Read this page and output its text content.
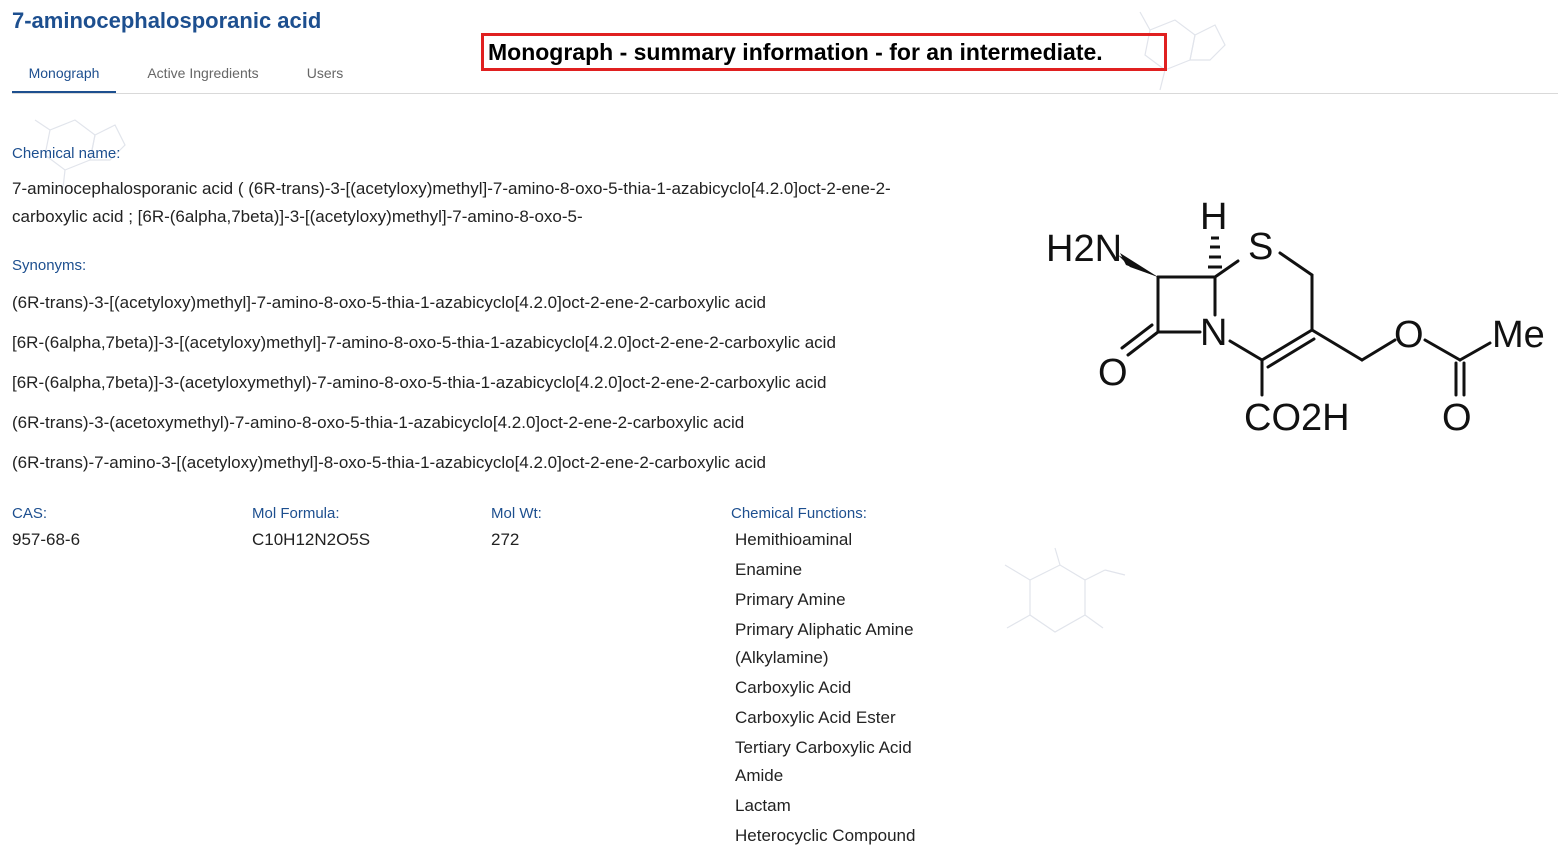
7-aminocephalosporanic acid
Monograph - summary information - for an intermediate.
Monograph	Active Ingredients	Users
Chemical name:
7-aminocephalosporanic acid ( (6R-trans)-3-[(acetyloxy)methyl]-7-amino-8-oxo-5-thia-1-azabicyclo[4.2.0]oct-2-ene-2-carboxylic acid ; [6R-(6alpha,7beta)]-3-[(acetyloxy)methyl]-7-amino-8-oxo-5-
Synonyms:
(6R-trans)-3-[(acetyloxy)methyl]-7-amino-8-oxo-5-thia-1-azabicyclo[4.2.0]oct-2-ene-2-carboxylic acid
[6R-(6alpha,7beta)]-3-[(acetyloxy)methyl]-7-amino-8-oxo-5-thia-1-azabicyclo[4.2.0]oct-2-ene-2-carboxylic acid
[6R-(6alpha,7beta)]-3-(acetyloxymethyl)-7-amino-8-oxo-5-thia-1-azabicyclo[4.2.0]oct-2-ene-2-carboxylic acid
(6R-trans)-3-(acetoxymethyl)-7-amino-8-oxo-5-thia-1-azabicyclo[4.2.0]oct-2-ene-2-carboxylic acid
(6R-trans)-7-amino-3-[(acetyloxy)methyl]-8-oxo-5-thia-1-azabicyclo[4.2.0]oct-2-ene-2-carboxylic acid
CAS:
957-68-6
Mol Formula:
C10H12N2O5S
Mol Wt:
272
Chemical Functions:
Hemithioaminal
Enamine
Primary Amine
Primary Aliphatic Amine (Alkylamine)
Carboxylic Acid
Carboxylic Acid Ester
Tertiary Carboxylic Acid Amide
Lactam
Heterocyclic Compound
H2N
H
S
N
O
CO2H
O Me
O
